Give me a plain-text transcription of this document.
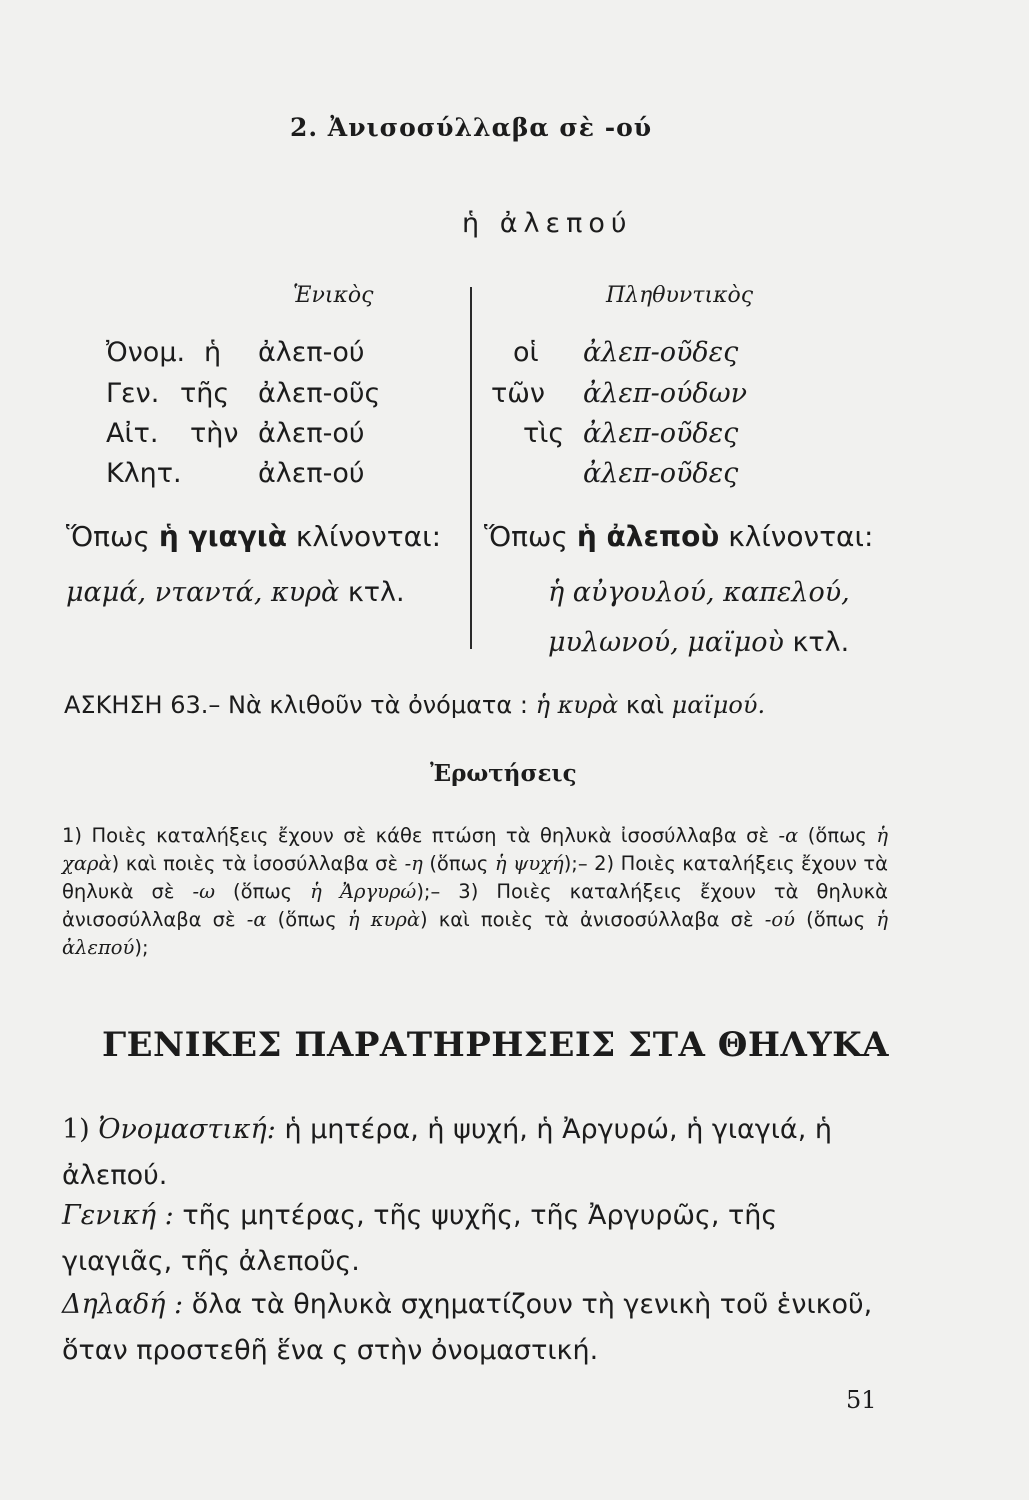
2. Ἀνισοσύλλαβα σὲ -ού
ἡ ἀλεπού
Ἑνικὸς	Πληθυντικὸς
Ὀνομ. ἡ ἀλεπ-ού	οἱ ἀλεπ-οῦδες
Γεν. τῆς ἀλεπ-οῦς	τῶν ἀλεπ-ούδων
Αἰτ. τὴν ἀλεπ-ού	τὶς ἀλεπ-οῦδες
Κλητ.	ἀλεπ-ού	ἀλεπ-οῦδες
Ὅπως ἡ γιαγιὰ κλίνονται: Ὅπως ἡ ἀλεποὺ κλίνονται:
μαμά, νταντά, κυρὰ κτλ.	ἡ αὐγουλού, καπελού,
μυλωνού, μαϊμοὺ κτλ.
ΑΣΚΗΣΗ 63.– Νὰ κλιθοῦν τὰ ὀνόματα : ἡ κυρὰ καὶ μαϊμού.
Ἐρωτήσεις
1) Ποιὲς καταλήξεις ἔχουν σὲ κάθε πτώση τὰ θηλυκὰ ἰσοσύλλαβα σὲ -α (ὅπως ἡ χαρὰ) καὶ ποιὲς τὰ ἰσοσύλλαβα σὲ -η (ὅπως ἡ ψυχή);– 2) Ποιὲς καταλήξεις ἔχουν τὰ θηλυκὰ σὲ -ω (ὅπως ἡ Ἀργυρώ);– 3) Ποιὲς καταλήξεις ἔχουν τὰ θηλυκὰ ἀνισοσύλλαβα σὲ -α (ὅπως ἡ κυρὰ) καὶ ποιὲς τὰ ἀνισοσύλλαβα σὲ -ού (ὅπως ἡ ἀλεπού);
ΓΕΝΙΚΕΣ ΠΑΡΑΤΗΡΗΣΕΙΣ ΣΤΑ ΘΗΛΥΚΑ
1) Ὀνομαστική: ἡ μητέρα, ἡ ψυχή, ἡ Ἀργυρώ, ἡ γιαγιά, ἡ ἀλεπού.
Γενική : τῆς μητέρας, τῆς ψυχῆς, τῆς Ἀργυρῶς, τῆς γιαγιᾶς, τῆς ἀλεποῦς.
Δηλαδή : ὅλα τὰ θηλυκὰ σχηματίζουν τὴ γενικὴ τοῦ ἑνικοῦ, ὅταν προστεθῆ ἕνα ς στὴν ὀνομαστική.
51
